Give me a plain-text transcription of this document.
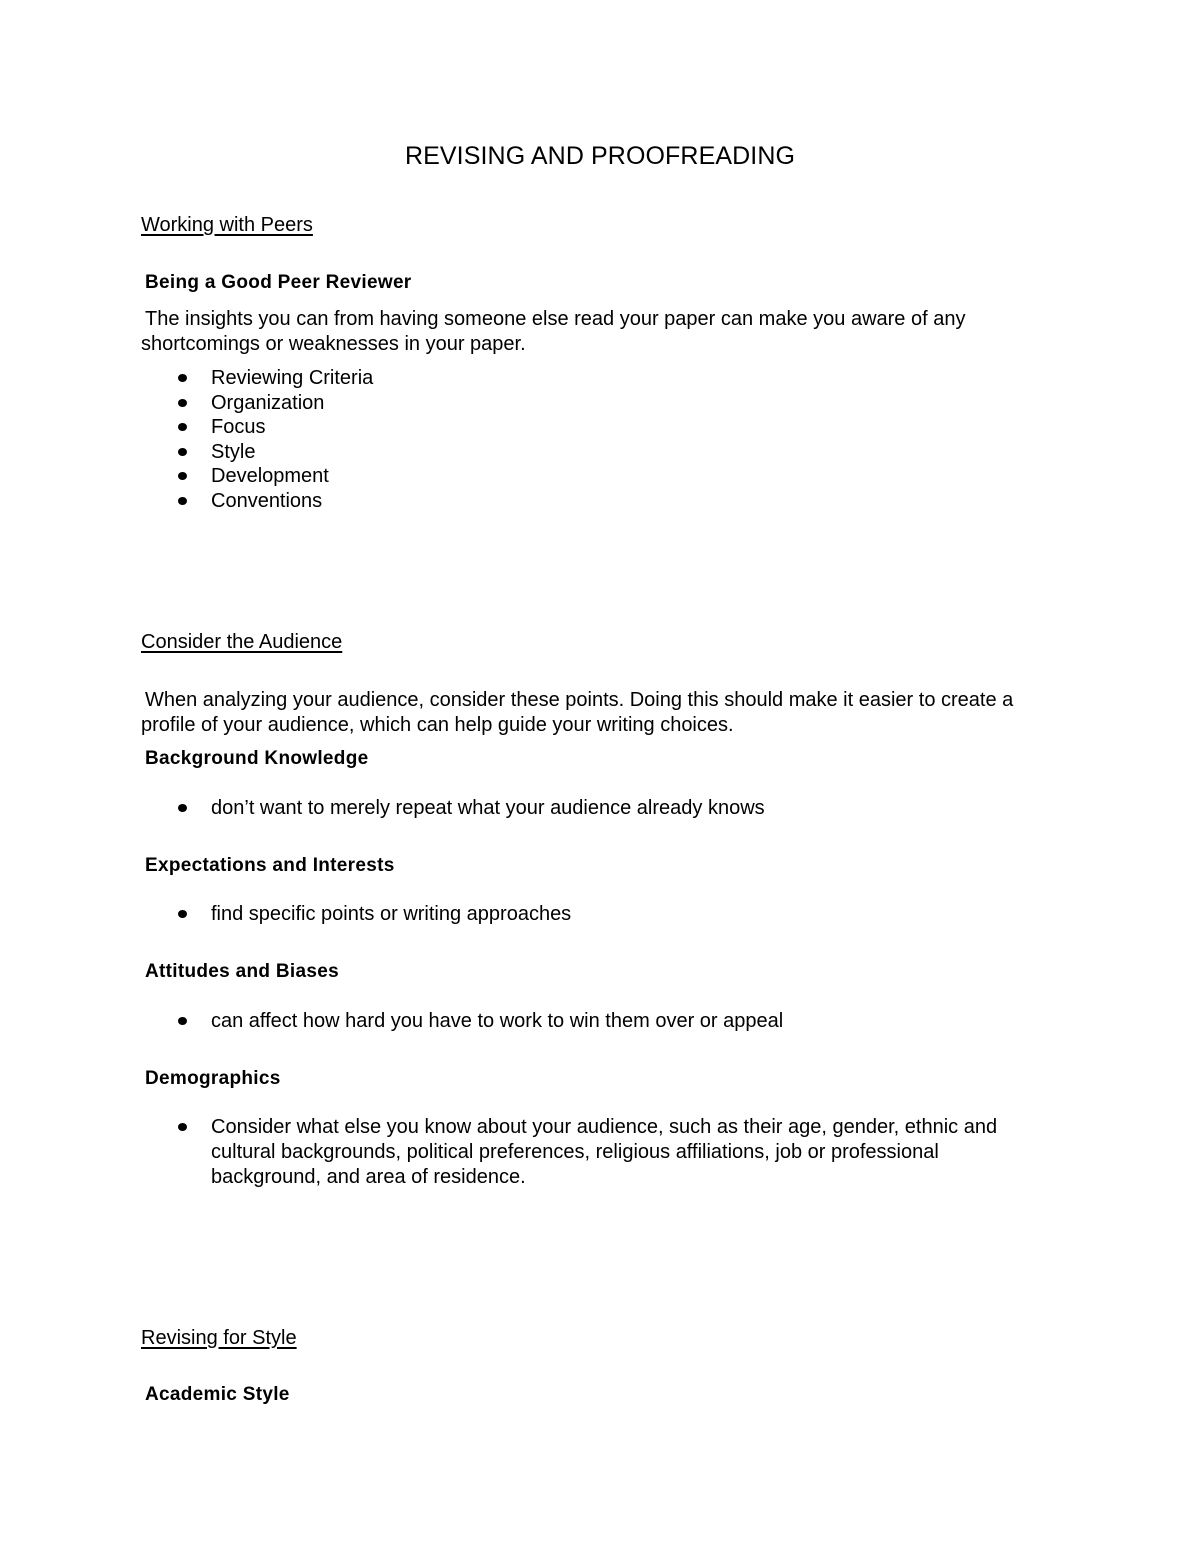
REVISING AND PROOFREADING
Working with Peers
Being a Good Peer Reviewer
The insights you can from having someone else read your paper can make you aware of any shortcomings or weaknesses in your paper.
Reviewing Criteria
Organization
Focus
Style
Development
Conventions
Consider the Audience
When analyzing your audience, consider these points. Doing this should make it easier to create a profile of your audience, which can help guide your writing choices.
Background Knowledge
don’t want to merely repeat what your audience already knows
Expectations and Interests
find specific points or writing approaches
Attitudes and Biases
can affect how hard you have to work to win them over or appeal
Demographics
Consider what else you know about your audience, such as their age, gender, ethnic and cultural backgrounds, political preferences, religious affiliations, job or professional background, and area of residence.
Revising for Style
Academic Style
